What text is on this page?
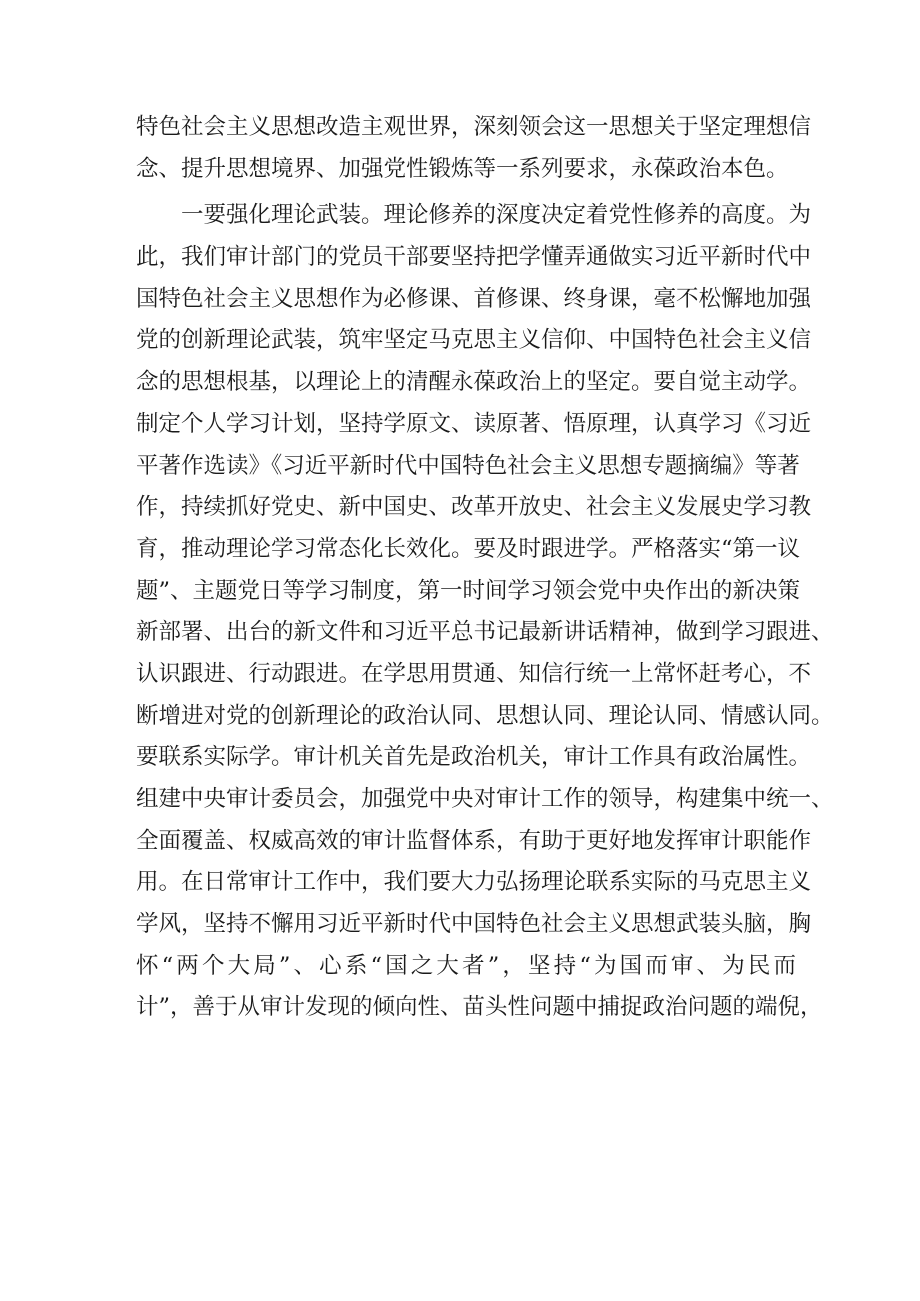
特色社会主义思想改造主观世界，深刻领会这一思想关于坚定理想信
念、提升思想境界、加强党性锻炼等一系列要求，永葆政治本色。
一要强化理论武装。理论修养的深度决定着党性修养的高度。为
此，我们审计部门的党员干部要坚持把学懂弄通做实习近平新时代中
国特色社会主义思想作为必修课、首修课、终身课，毫不松懈地加强
党的创新理论武装，筑牢坚定马克思主义信仰、中国特色社会主义信
念的思想根基，以理论上的清醒永葆政治上的坚定。要自觉主动学。
制定个人学习计划，坚持学原文、读原著、悟原理，认真学习《习近
平著作选读》《习近平新时代中国特色社会主义思想专题摘编》等著
作，持续抓好党史、新中国史、改革开放史、社会主义发展史学习教
育，推动理论学习常态化长效化。要及时跟进学。严格落实“第一议
题”、主题党日等学习制度，第一时间学习领会党中央作出的新决策
新部署、出台的新文件和习近平总书记最新讲话精神，做到学习跟进、
认识跟进、行动跟进。在学思用贯通、知信行统一上常怀赶考心，不
断增进对党的创新理论的政治认同、思想认同、理论认同、情感认同。
要联系实际学。审计机关首先是政治机关，审计工作具有政治属性。
组建中央审计委员会，加强党中央对审计工作的领导，构建集中统一、
全面覆盖、权威高效的审计监督体系，有助于更好地发挥审计职能作
用。在日常审计工作中，我们要大力弘扬理论联系实际的马克思主义
学风，坚持不懈用习近平新时代中国特色社会主义思想武装头脑，胸
怀“两个大局”、心系“国之大者”，坚持“为国而审、为民而
计”，善于从审计发现的倾向性、苗头性问题中捕捉政治问题的端倪，
